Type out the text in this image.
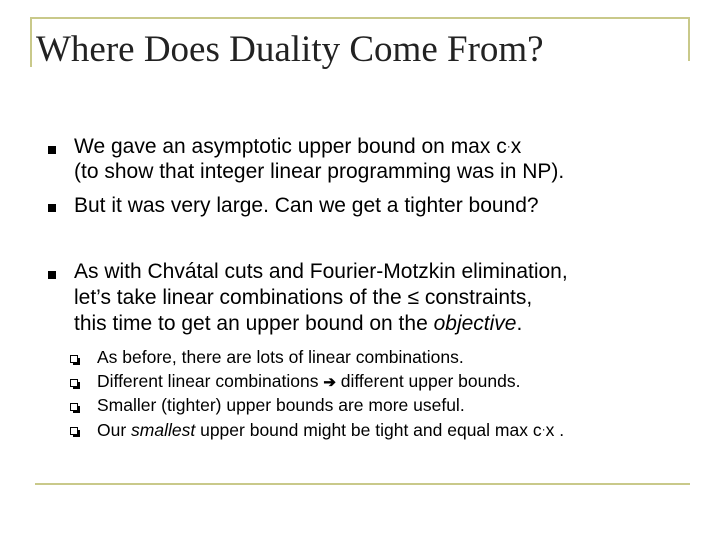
Where Does Duality Come From?
We gave an asymptotic upper bound on max c·x
(to show that integer linear programming was in NP).
But it was very large. Can we get a tighter bound?
As with Chvátal cuts and Fourier-Motzkin elimination,
let’s take linear combinations of the ≤ constraints,
this time to get an upper bound on the objective.
As before, there are lots of linear combinations.
Different linear combinations ➔ different upper bounds.
Smaller (tighter) upper bounds are more useful.
Our smallest upper bound might be tight and equal max c·x .
